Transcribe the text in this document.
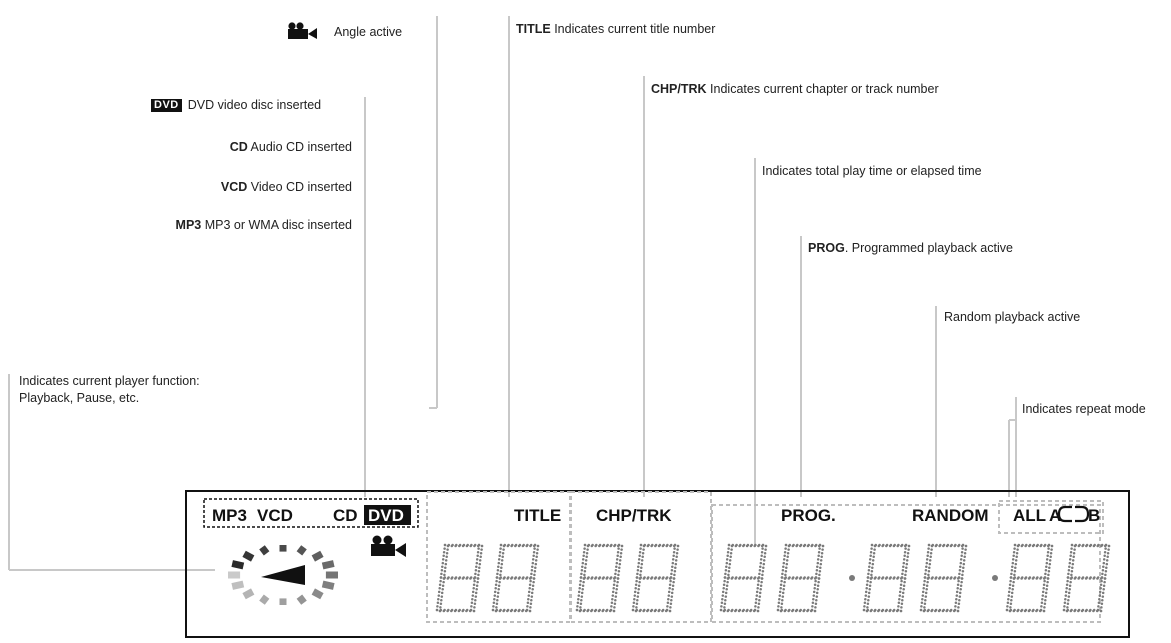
Angle active
DVD DVD video disc inserted
CD Audio CD inserted
VCD Video CD inserted
MP3 MP3 or WMA disc inserted
Indicates current player function:
Playback, Pause, etc.
TITLE Indicates current title number
CHP/TRK Indicates current chapter or track number
Indicates total play time or elapsed time
PROG. Programmed playback active
Random playback active
Indicates repeat mode
MP3 VCD CD DVD	TITLE CHP/TRK	PROG.	RANDOM ALL A B
